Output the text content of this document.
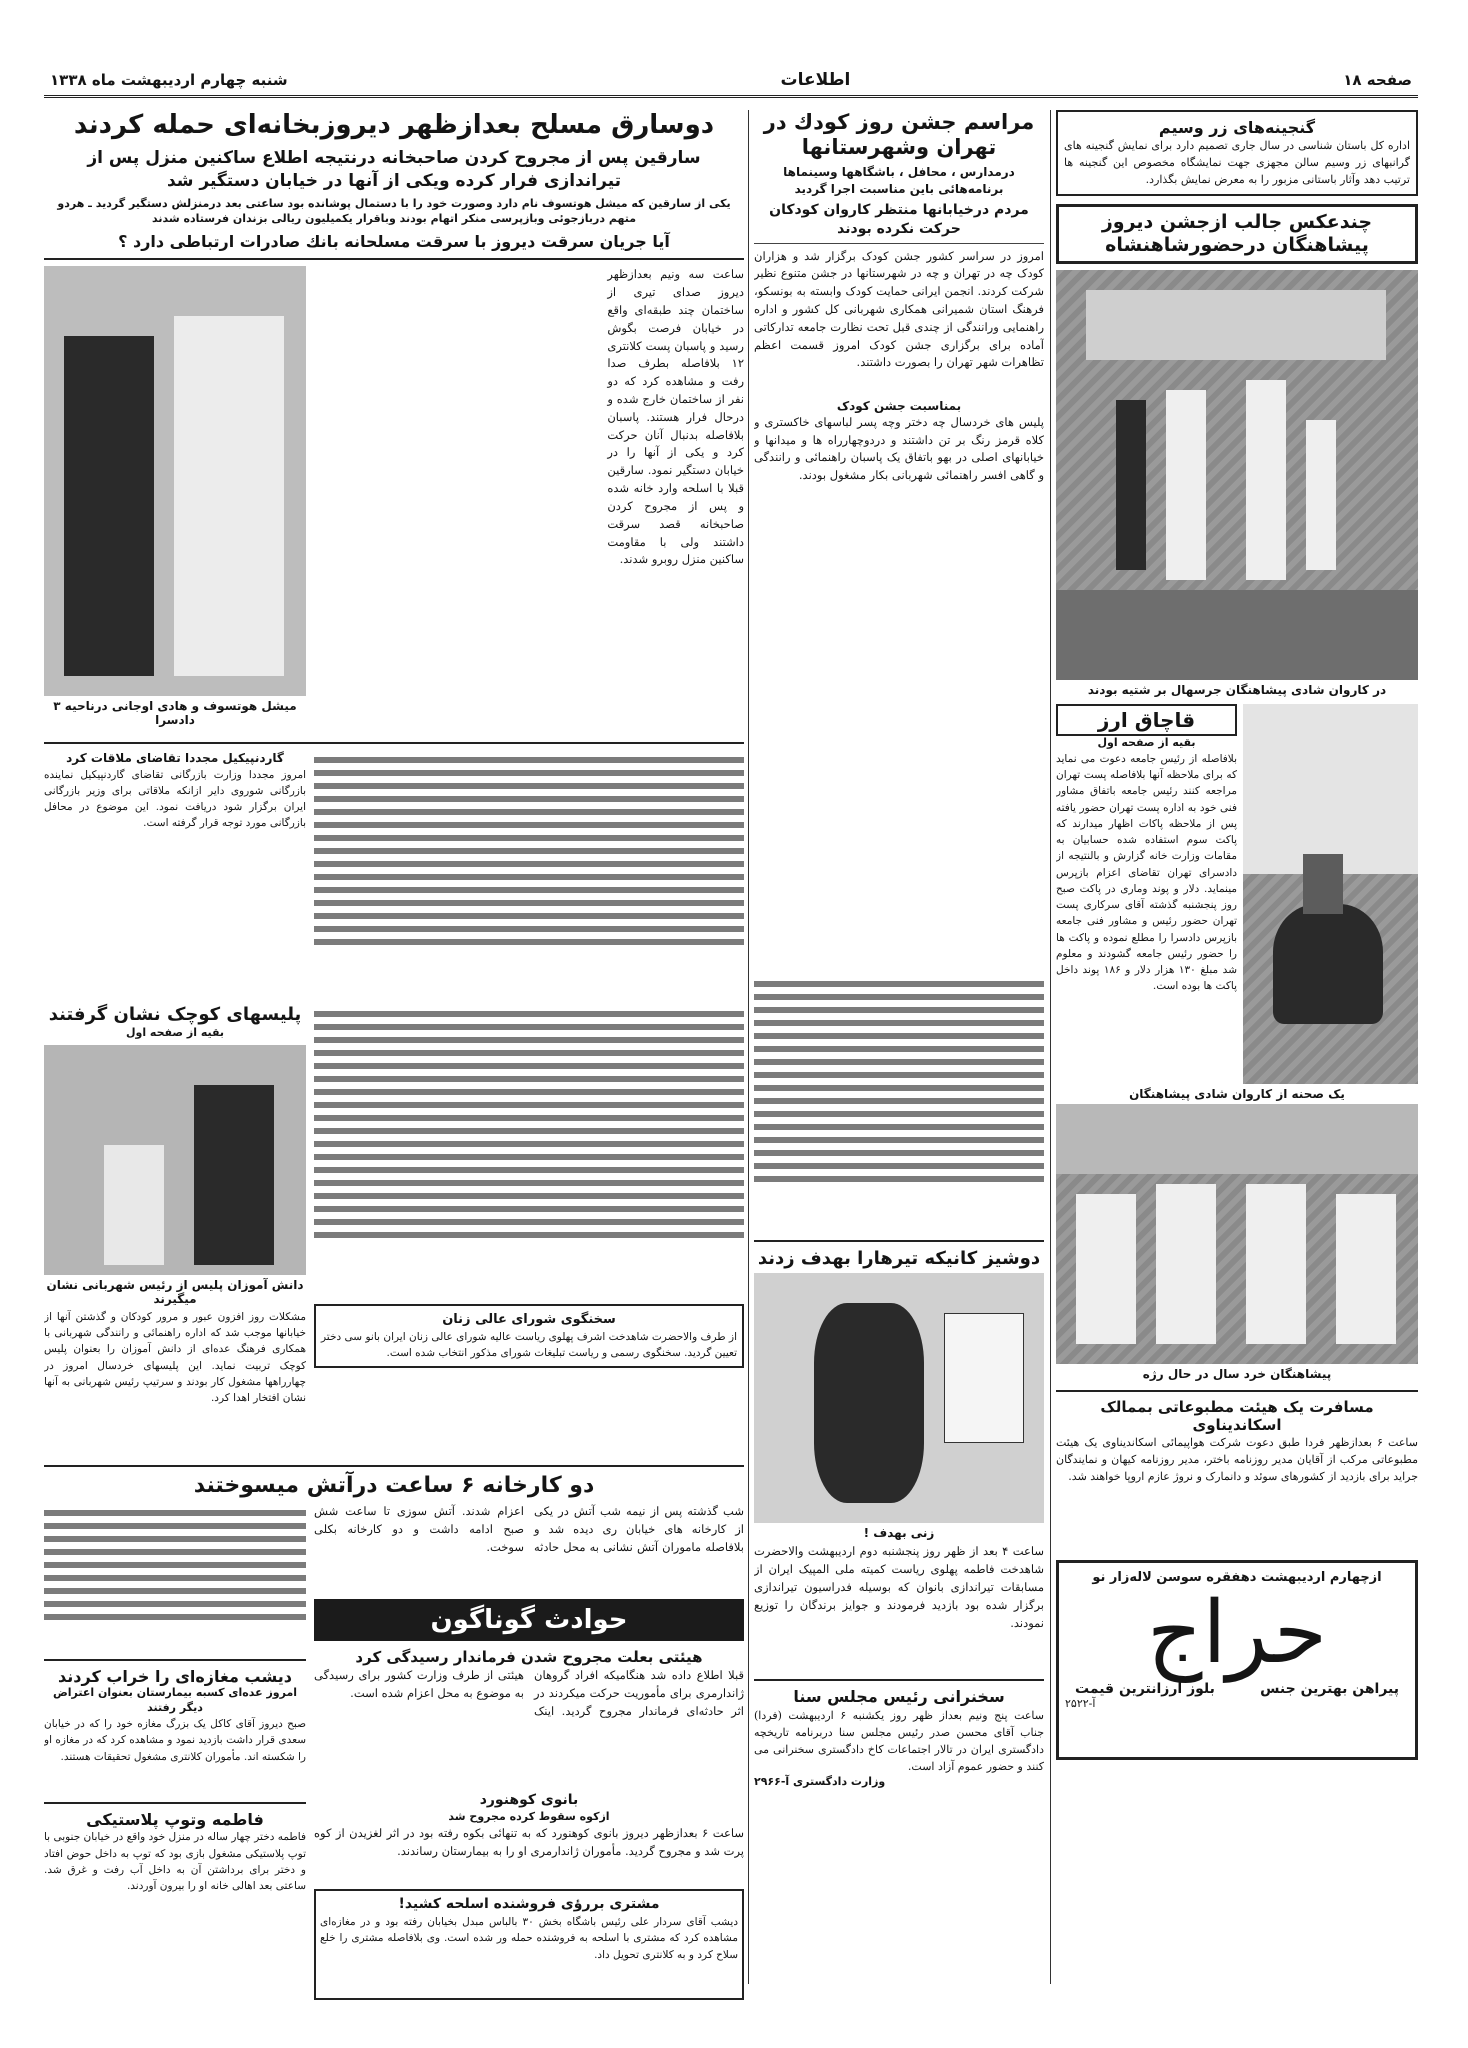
صفحه ۱۸
اطلاعات
شنبه چهارم اردیبهشت ماه ۱۳۳۸
گنجینه‌های زر وسیم
اداره کل باستان شناسی در سال جاری تصمیم دارد برای نمایش گنجینه های گرانبهای زر وسیم سالن مجهزی جهت نمایشگاه مخصوص این گنجینه ها ترتیب دهد وآثار باستانی مزبور را به معرض نمایش بگذارد.
چندعکس جالب ازجشن دیروز پیشاهنگان درحضورشاهنشاه
در کاروان شادی پیشاهنگان جرسهال بر شتیه بودند
قاچاق ارز
بقیه از صفحه اول
بلافاصله از رئیس جامعه دعوت می نماید که برای ملاحظه آنها بلافاصله پست تهران مراجعه کنند رئیس جامعه باتفاق مشاور فنی خود به اداره پست تهران حضور یافته پس از ملاحظه پاکات اظهار میدارند که پاکت سوم استفاده شده حسابیان به مقامات وزارت خانه گزارش و بالنتیجه از دادسرای تهران تقاضای اعزام بازپرس مینماید. دلار و پوند وماری در پاکت صبح روز پنجشنبه گذشته آقای سرکاری پست تهران حضور رئیس و مشاور فنی جامعه بازپرس دادسرا را مطلع نموده و پاکت ها را حضور رئیس جامعه گشودند و معلوم شد مبلغ ۱۳۰ هزار دلار و ۱۸۶ پوند داخل پاکت ها بوده است.
یک صحنه از کاروان شادی پیشاهنگان
پیشاهنگان خرد سال در حال رژه
مسافرت یک هیئت مطبوعاتی بممالک اسکاندیناوی
ساعت ۶ بعدازظهر فردا طبق دعوت شرکت هواپیمائی اسکاندیناوی یک هیئت مطبوعاتی مرکب از آقایان مدیر روزنامه باختر، مدیر روزنامه کیهان و نمایندگان جراید برای بازدید از کشورهای سوئد و دانمارک و نروژ عازم اروپا خواهند شد.
ازچهارم اردیبهشت دهفقره سوسن لاله‌زار نو
حراج
پیراهن بهترین جنس
بلوز ارزانترین قیمت
آ-۲۵۲۲
مراسم جشن روز کودك در تهران وشهرستانها
درمدارس ، محافل ، باشگاهها وسینماها برنامه‌هائی باین مناسبت اجرا گردید
مردم درخیابانها منتظر کاروان کودکان حرکت نکرده بودند
امروز در سراسر کشور جشن کودک برگزار شد و هزاران کودک چه در تهران و چه در شهرستانها در جشن متنوع نظیر شرکت کردند. انجمن ایرانی حمایت کودک وابسته به بونسکو، فرهنگ استان شمیرانی همکاری شهربانی کل کشور و اداره راهنمایی ورانندگی از چندی قبل تحت نظارت جامعه تدارکاتی آماده برای برگزاری جشن کودک امروز قسمت اعظم تظاهرات شهر تهران را بصورت داشتند.
بمناسبت جشن کودک
پلیس های خردسال چه دختر وچه پسر لباسهای خاکستری و کلاه قرمز رنگ بر تن داشتند و دردوچهارراه ها و میدانها و خیابانهای اصلی در بهو باتفاق یک پاسبان راهنمائی و رانندگی و گاهی افسر راهنمائی شهربانی بکار مشغول بودند.
دوشیز کانیکه تیرهارا بهدف زدند
زنی بهدف !
ساعت ۴ بعد از ظهر روز پنجشنبه دوم اردیبهشت والاحضرت شاهدخت فاطمه پهلوی ریاست کمیته ملی المپیک ایران از مسابقات تیراندازی بانوان که بوسیله فدراسیون تیراندازی برگزار شده بود بازدید فرمودند و جوایز برندگان را توزیع نمودند.
سخنرانی رئیس مجلس سنا
ساعت پنج ونیم بعداز ظهر روز یکشنبه ۶ اردیبهشت (فردا) جناب آقای محسن صدر رئیس مجلس سنا دربرنامه تاریخچه دادگستری ایران در تالار اجتماعات کاخ دادگستری سخنرانی می کنند و حضور عموم آزاد است.
وزارت دادگستری آ-۲۹۶۶
دوسارق مسلح بعدازظهر دیروزبخانه‌ای حمله کردند
سارقین پس از مجروح کردن صاحبخانه درنتیجه اطلاع ساکنین منزل پس از
تیراندازی فرار کرده ویکی از آنها در خیابان دستگیر شد
یکی از سارقین که میشل هوتسوف نام دارد وصورت خود را با دستمال پوشانده بود ساعتی بعد درمنزلش دستگیر گردید ـ هردو متهم دربازجوئی وبازپرسی منکر اتهام بودند وباقرار یکمیلیون ریالی بزندان فرستاده شدند
آیا جریان سرقت دیروز با سرقت مسلحانه بانك صادرات ارتباطی دارد ؟
ساعت سه ونیم بعدازظهر دیروز صدای تیری از ساختمان چند طبقه‌ای واقع در خیابان فرصت بگوش رسید و پاسبان پست کلانتری ۱۲ بلافاصله بطرف صدا رفت و مشاهده کرد که دو نفر از ساختمان خارج شده و درحال فرار هستند. پاسبان بلافاصله بدنبال آنان حرکت کرد و یکی از آنها را در خیابان دستگیر نمود. سارقین قبلا با اسلحه وارد خانه شده و پس از مجروح کردن صاحبخانه قصد سرقت داشتند ولی با مقاومت ساکنین منزل روبرو شدند.
میشل هوتسوف و هادی اوجانی درناحیه ۳ دادسرا
گاردنپیکیل مجددا تقاضای ملاقات کرد
امروز مجددا وزارت بازرگانی تقاضای گاردنپیکیل نماینده بازرگانی شوروی دایر ازانکه ملاقاتی برای وزیر بازرگانی ایران برگزار شود دریافت نمود. این موضوع در محافل بازرگانی مورد توجه قرار گرفته است.
سخنگوی شورای عالی زنان
از طرف والاحضرت شاهدخت اشرف پهلوی ریاست عالیه شورای عالی زنان ایران بانو سی دختر تعیین گردید. سخنگوی رسمی و ریاست تبلیغات شورای مذکور انتخاب شده است.
پلیسهای کوچک نشان گرفتند
بقیه از صفحه اول
دانش آموزان پلیس از رئیس شهربانی نشان میگیرند
مشکلات روز افزون عبور و مرور کودکان و گذشتن آنها از خیابانها موجب شد که اداره راهنمائی و رانندگی شهربانی با همکاری فرهنگ عده‌ای از دانش آموزان را بعنوان پلیس کوچک تربیت نماید. این پلیسهای خردسال امروز در چهارراهها مشغول کار بودند و سرتیپ رئیس شهربانی به آنها نشان افتخار اهدا کرد.
دو کارخانه ۶ ساعت درآتش میسوختند
شب گذشته پس از نیمه شب آتش در یکی از کارخانه های خیابان ری دیده شد و بلافاصله ماموران آتش نشانی به محل حادثه اعزام شدند. آتش سوزی تا ساعت شش صبح ادامه داشت و دو کارخانه بکلی سوخت.
حوادث گوناگون
هیئتی بعلت مجروح شدن فرماندار رسیدگی کرد
قبلا اطلاع داده شد هنگامیکه افراد گروهان ژاندارمری برای مأموریت حرکت میکردند در اثر حادثه‌ای فرماندار مجروح گردید. اینک هیئتی از طرف وزارت کشور برای رسیدگی به موضوع به محل اعزام شده است.
بانوی کوهنورد
ازکوه سقوط کرده مجروح شد
ساعت ۶ بعدازظهر دیروز بانوی کوهنورد که به تنهائی بکوه رفته بود در اثر لغزیدن از کوه پرت شد و مجروح گردید. مأموران ژاندارمری او را به بیمارستان رساندند.
مشتری بررؤی فروشنده اسلحه کشید!
دیشب آقای سردار علی رئیس باشگاه بخش ۳۰ بالباس مبدل بخیابان رفته بود و در مغازه‌ای مشاهده کرد که مشتری با اسلحه به فروشنده حمله ور شده است. وی بلافاصله مشتری را خلع سلاح کرد و به کلانتری تحویل داد.
دیشب مغازه‌ای را خراب کردند
امروز عده‌ای کسبه بیمارستان بعنوان اعتراض دیگر رفتند
صبح دیروز آقای کاکل یک بزرگ مغازه خود را که در خیابان سعدی قرار داشت بازدید نمود و مشاهده کرد که در مغازه او را شکسته اند. مأموران کلانتری مشغول تحقیقات هستند.
فاطمه وتوپ پلاستیکی
فاطمه دختر چهار ساله در منزل خود واقع در خیابان جنوبی با توپ پلاستیکی مشغول بازی بود که توپ به داخل حوض افتاد و دختر برای برداشتن آن به داخل آب رفت و غرق شد. ساعتی بعد اهالی خانه او را بیرون آوردند.
